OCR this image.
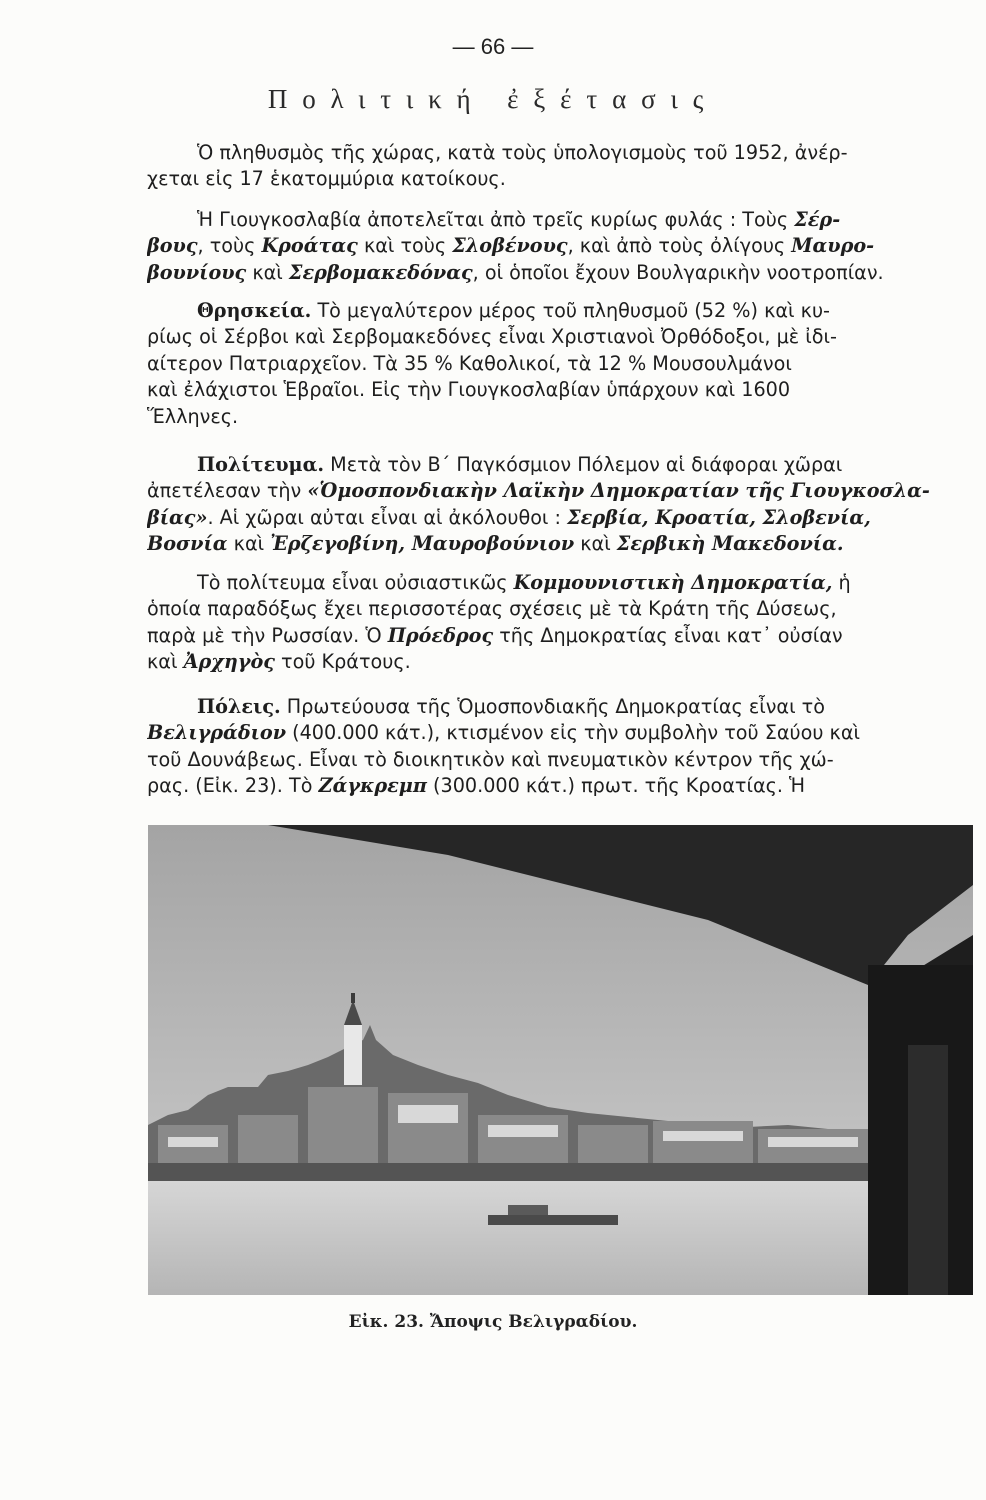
— 66 —
Πολιτική ἐξέτασις
Ὁ πληθυσμὸς τῆς χώρας, κατὰ τοὺς ὑπολογισμοὺς τοῦ 1952, ἀνέρ-
χεται εἰς 17 ἑκατομμύρια κατοίκους.
Ἡ Γιουγκοσλαβία ἀποτελεῖται ἀπὸ τρεῖς κυρίως φυλάς : Τοὺς Σέρ-
βους, τοὺς Κροάτας καὶ τοὺς Σλοβένους, καὶ ἀπὸ τοὺς ὀλίγους Μαυρο-
βουνίους καὶ Σερβομακεδόνας, οἱ ὁποῖοι ἔχουν Βουλγαρικὴν νοοτροπίαν.
Θρησκεία. Τὸ μεγαλύτερον μέρος τοῦ πληθυσμοῦ (52 %) καὶ κυ-
ρίως οἱ Σέρβοι καὶ Σερβομακεδόνες εἶναι Χριστιανοὶ Ὀρθόδοξοι, μὲ ἰδι-
αίτερον Πατριαρχεῖον. Τὰ 35 % Καθολικοί, τὰ 12 % Μουσουλμάνοι
καὶ ἐλάχιστοι Ἑβραῖοι. Εἰς τὴν Γιουγκοσλαβίαν ὑπάρχουν καὶ 1600
Ἕλληνες.
Πολίτευμα. Μετὰ τὸν Β΄ Παγκόσμιον Πόλεμον αἱ διάφοραι χῶραι
ἀπετέλεσαν τὴν «Ὁμοσπονδιακὴν Λαϊκὴν Δημοκρατίαν τῆς Γιουγκοσλα-
βίας». Αἱ χῶραι αὐται εἶναι αἱ ἀκόλουθοι : Σερβία, Κροατία, Σλοβενία,
Βοσνία καὶ Ἐρζεγοβίνη, Μαυροβούνιον καὶ Σερβικὴ Μακεδονία.
Τὸ πολίτευμα εἶναι οὐσιαστικῶς Κομμουνιστικὴ Δημοκρατία, ἡ
ὁποία παραδόξως ἔχει περισσοτέρας σχέσεις μὲ τὰ Κράτη τῆς Δύσεως,
παρὰ μὲ τὴν Ρωσσίαν. Ὁ Πρόεδρος τῆς Δημοκρατίας εἶναι κατ᾿ οὐσίαν
καὶ Ἀρχηγὸς τοῦ Κράτους.
Πόλεις. Πρωτεύουσα τῆς Ὁμοσπονδιακῆς Δημοκρατίας εἶναι τὸ
Βελιγράδιον (400.000 κάτ.), κτισμένον εἰς τὴν συμβολὴν τοῦ Σαύου καὶ
τοῦ Δουνάβεως. Εἶναι τὸ διοικητικὸν καὶ πνευματικὸν κέντρον τῆς χώ-
ρας. (Εἰκ. 23). Τὸ Ζάγκρεμπ (300.000 κάτ.) πρωτ. τῆς Κροατίας. Ἡ
Εἰκ. 23. Ἄποψις Βελιγραδίου.
